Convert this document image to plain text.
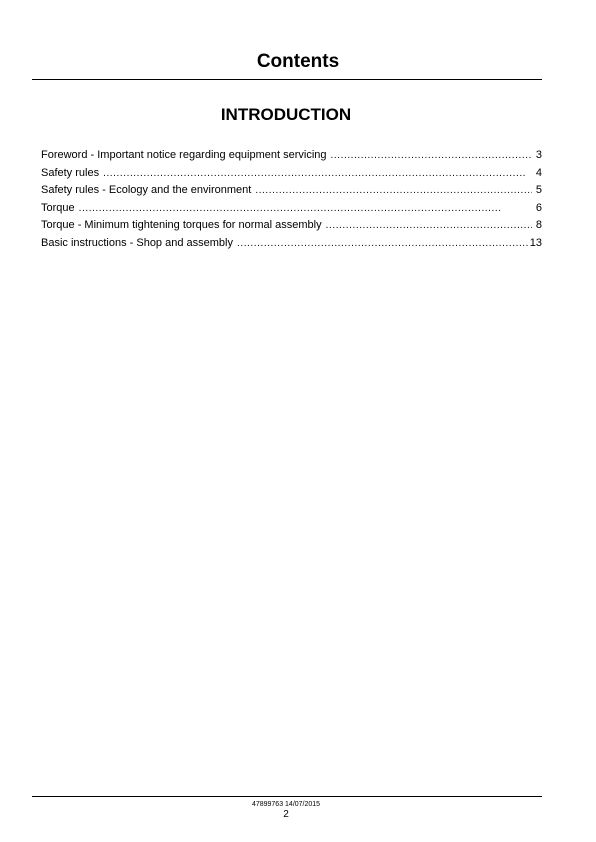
Contents
INTRODUCTION
Foreword - Important notice regarding equipment servicing . . .	3
Safety rules . . .	4
Safety rules - Ecology and the environment . . .	5
Torque . . .	6
Torque - Minimum tightening torques for normal assembly . . .	8
Basic instructions - Shop and assembly . . .	13
47899763 14/07/2015
2
